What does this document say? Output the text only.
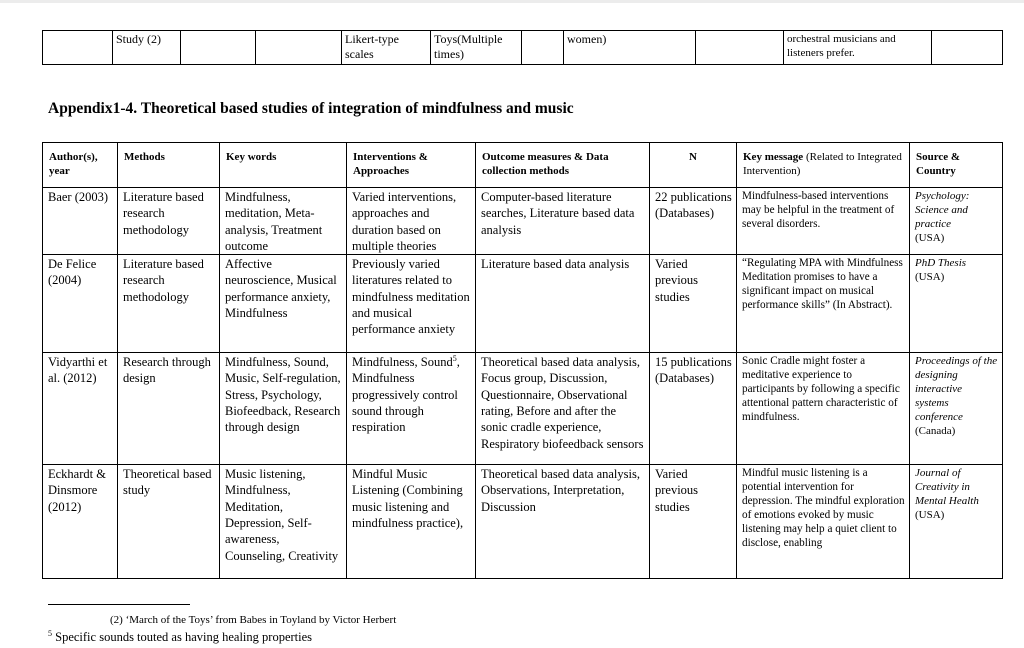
	Study (2)			Likert-type scales	Toys(Multiple times)		women)		orchestral musicians and listeners prefer.	
Appendix1-4. Theoretical based studies of integration of mindfulness and music
Author(s), year	Methods	Key words	Interventions & Approaches	Outcome measures & Data collection methods	N	Key message (Related to Integrated Intervention)	Source & Country
Baer (2003)	Literature based research methodology	Mindfulness, meditation, Meta-analysis, Treatment outcome	Varied interventions, approaches and duration based on multiple theories	Computer-based literature searches, Literature based data analysis	22 publications (Databases)	Mindfulness-based interventions may be helpful in the treatment of several disorders.	Psychology: Science and practice
(USA)
De Felice (2004)	Literature based research methodology	Affective neuroscience, Musical performance anxiety, Mindfulness	Previously varied literatures related to mindfulness meditation and musical performance anxiety	Literature based data analysis	Varied previous studies	“Regulating MPA with Mindfulness Meditation promises to have a significant impact on musical performance skills” (In Abstract).	PhD Thesis
(USA)
Vidyarthi et al. (2012)	Research through design	Mindfulness, Sound, Music, Self-regulation, Stress, Psychology, Biofeedback, Research through design	Mindfulness, Sound$^5$, Mindfulness progressively control sound through respiration	Theoretical based data analysis, Focus group, Discussion, Questionnaire, Observational rating, Before and after the sonic cradle experience, Respiratory biofeedback sensors	15 publications (Databases)	Sonic Cradle might foster a meditative experience to participants by following a specific attentional pattern characteristic of mindfulness.	Proceedings of the designing interactive systems conference
(Canada)
Eckhardt & Dinsmore (2012)	Theoretical based study	Music listening, Mindfulness, Meditation, Depression, Self-awareness, Counseling, Creativity	Mindful Music Listening (Combining music listening and mindfulness practice),	Theoretical based data analysis, Observations, Interpretation, Discussion	Varied previous studies	Mindful music listening is a potential intervention for depression. The mindful exploration of emotions evoked by music listening may help a quiet client to disclose, enabling	Journal of Creativity in Mental Health
(USA)
(2) ‘March of the Toys’ from Babes in Toyland by Victor Herbert
$^5$ Specific sounds touted as having healing properties
